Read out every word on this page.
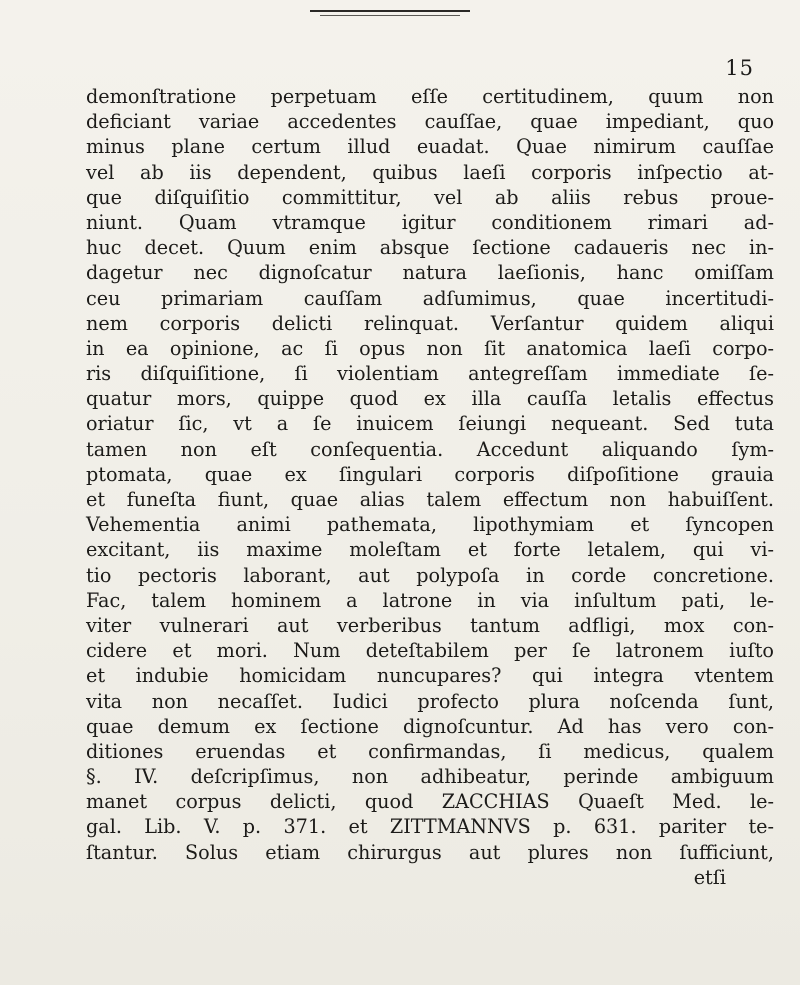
15
demonſtratione perpetuam eſſe certitudinem, quum non
deficiant variae accedentes cauſſae, quae impediant, quo
minus plane certum illud euadat. Quae nimirum cauſſae
vel ab iis dependent, quibus laeſi corporis inſpectio at-
que diſquiſitio committitur, vel ab aliis rebus proue-
niunt. Quam vtramque igitur conditionem rimari ad-
huc decet. Quum enim absque ſectione cadaueris nec in-
dagetur nec dignoſcatur natura laeſionis, hanc omiſſam
ceu primariam cauſſam adſumimus, quae incertitudi-
nem corporis delicti relinquat. Verſantur quidem aliqui
in ea opinione, ac ſi opus non ſit anatomica laeſi corpo-
ris diſquiſitione, ſi violentiam antegreſſam immediate ſe-
quatur mors, quippe quod ex illa cauſſa letalis effectus
oriatur ſic, vt a ſe inuicem ſeiungi nequeant. Sed tuta
tamen non eſt conſequentia. Accedunt aliquando ſym-
ptomata, quae ex ſingulari corporis diſpoſitione grauia
et funeſta fiunt, quae alias talem effectum non habuiſſent.
Vehementia animi pathemata, lipothymiam et ſyncopen
excitant, iis maxime moleſtam et forte letalem, qui vi-
tio pectoris laborant, aut polypoſa in corde concretione.
Fac, talem hominem a latrone in via inſultum pati, le-
viter vulnerari aut verberibus tantum adfligi, mox con-
cidere et mori. Num deteſtabilem per ſe latronem iuſto
et indubie homicidam nuncupares? qui integra vtentem
vita non necaſſet. Iudici profecto plura noſcenda ſunt,
quae demum ex ſectione dignoſcuntur. Ad has vero con-
ditiones eruendas et confirmandas, ſi medicus, qualem
§. IV. deſcripſimus, non adhibeatur, perinde ambiguum
manet corpus delicti, quod ZACCHIAS Quaeſt Med. le-
gal. Lib. V. p. 371. et ZITTMANNVS p. 631. pariter te-
ſtantur. Solus etiam chirurgus aut plures non ſufficiunt,
etſi
